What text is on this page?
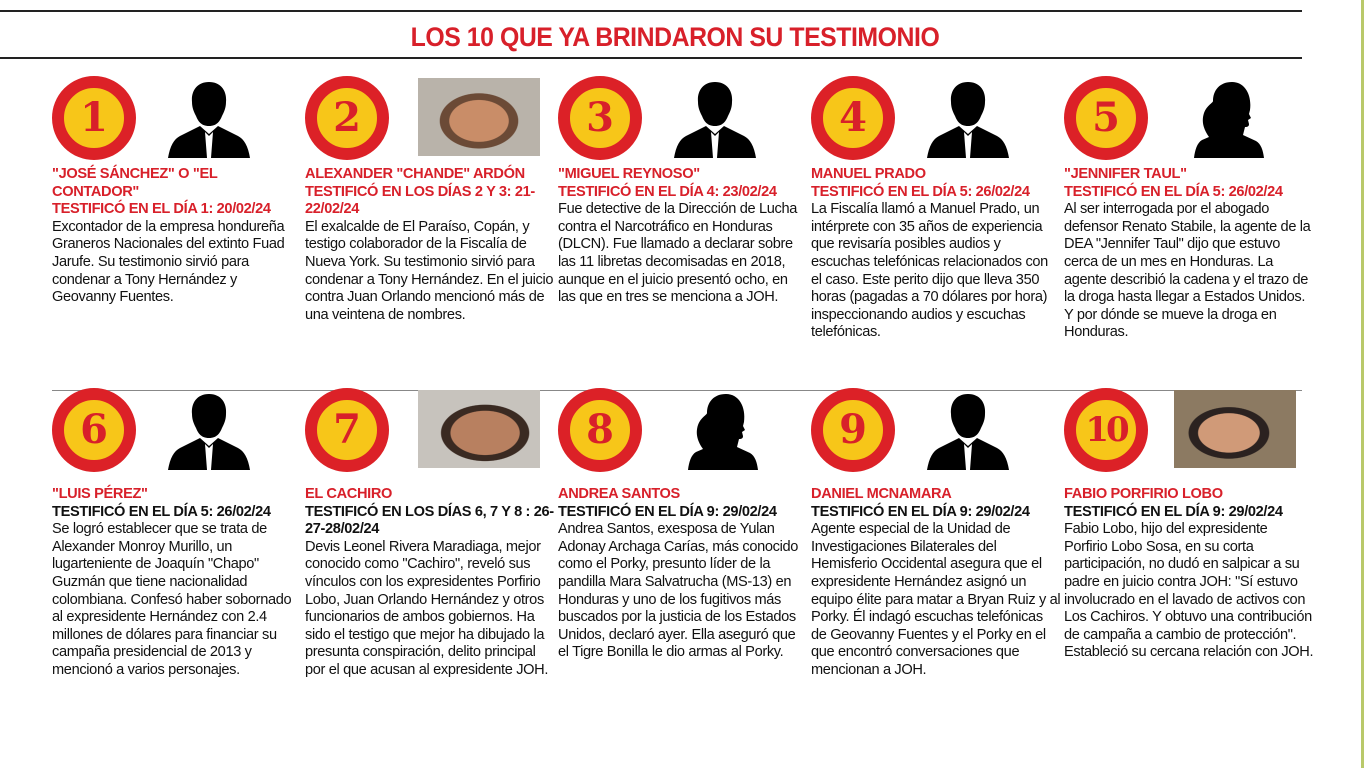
LOS 10 QUE YA BRINDARON SU TESTIMONIO
1
"JOSÉ SÁNCHEZ" O "EL CONTADOR"
TESTIFICÓ EN EL DÍA 1: 20/02/24
Excontador de la empresa hondureña Graneros Nacionales del extinto Fuad Jarufe. Su testimonio sirvió para condenar a Tony Hernández y Geovanny Fuentes.
2
ALEXANDER "CHANDE" ARDÓN
TESTIFICÓ EN LOS DÍAS 2 Y 3: 21-22/02/24
El exalcalde de El Paraíso, Copán, y testigo colaborador de la Fiscalía de Nueva York. Su testimonio sirvió para condenar a Tony Hernández. En el juicio contra Juan Orlando mencionó más de una veintena de nombres.
3
"MIGUEL REYNOSO"
TESTIFICÓ EN EL DÍA 4: 23/02/24
Fue detective de la Dirección de Lucha contra el Narcotráfico en Honduras (DLCN). Fue llamado a declarar sobre las 11 libretas decomisadas en 2018, aunque en el juicio presentó ocho, en las que en tres se menciona a JOH.
4
MANUEL PRADO
TESTIFICÓ EN EL DÍA 5: 26/02/24
La Fiscalía llamó a Manuel Prado, un intérprete con 35 años de experiencia que revisaría posibles audios y escuchas telefónicas relacionados con el caso. Este perito dijo que lleva 350 horas (pagadas a 70 dólares por hora) inspeccionando audios y escuchas telefónicas.
5
"JENNIFER TAUL"
TESTIFICÓ EN EL DÍA 5: 26/02/24
Al ser interrogada por el abogado defensor Renato Stabile, la agente de la DEA "Jennifer Taul" dijo que estuvo cerca de un mes en Honduras. La agente describió la cadena y el trazo de la droga hasta llegar a Estados Unidos. Y por dónde se mueve la droga en Honduras.
6
"LUIS PÉREZ"
TESTIFICÓ EN EL DÍA 5: 26/02/24
Se logró establecer que se trata de Alexander Monroy Murillo, un lugarteniente de Joaquín "Chapo" Guzmán que tiene nacionalidad colombiana. Confesó haber sobornado al expresidente Hernández con 2.4 millones de dólares para financiar su campaña presidencial de 2013 y mencionó a varios personajes.
7
EL CACHIRO
TESTIFICÓ EN LOS DÍAS 6, 7 Y 8 : 26-27-28/02/24
Devis Leonel Rivera Maradiaga, mejor conocido como "Cachiro", reveló sus vínculos con los expresidentes Porfirio Lobo, Juan Orlando Hernández y otros funcionarios de ambos gobiernos. Ha sido el testigo que mejor ha dibujado la presunta conspiración, delito principal por el que acusan al expresidente JOH.
8
ANDREA SANTOS
TESTIFICÓ EN EL DÍA 9: 29/02/24
Andrea Santos, exesposa de Yulan Adonay Archaga Carías, más conocido como el Porky, presunto líder de la pandilla Mara Salvatrucha (MS-13) en Honduras y uno de los fugitivos más buscados por la justicia de los Estados Unidos, declaró ayer. Ella aseguró que el Tigre Bonilla le dio armas al Porky.
9
DANIEL MCNAMARA
TESTIFICÓ EN EL DÍA 9: 29/02/24
Agente especial de la Unidad de Investigaciones Bilaterales del Hemisferio Occidental asegura que el expresidente Hernández asignó un equipo élite para matar a Bryan Ruiz y al Porky. Él indagó escuchas telefónicas de Geovanny Fuentes y el Porky en el que encontró conversaciones que mencionan a JOH.
10
FABIO PORFIRIO LOBO
TESTIFICÓ EN EL DÍA 9: 29/02/24
Fabio Lobo, hijo del expresidente Porfirio Lobo Sosa, en su corta participación, no dudó en salpicar a su padre en juicio contra JOH: "Sí estuvo involucrado en el lavado de activos con Los Cachiros. Y obtuvo una contribución de campaña a cambio de protección". Estableció su cercana relación con JOH.
